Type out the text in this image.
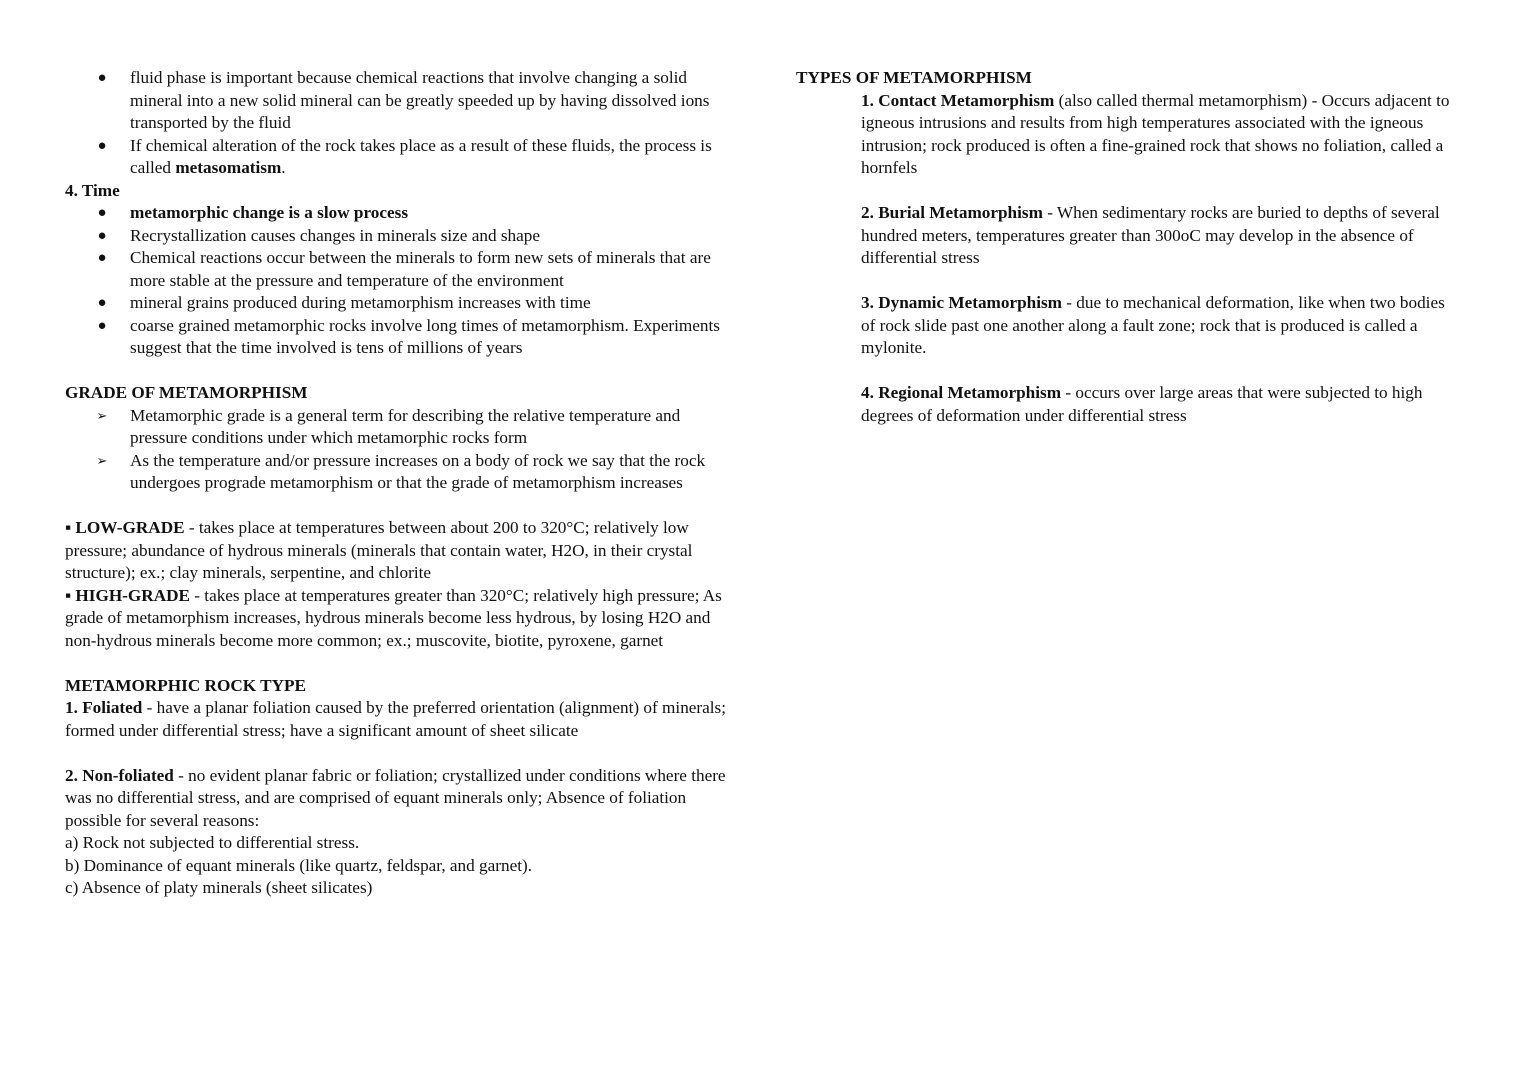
● fluid phase is important because chemical reactions that involve changing a solid mineral into a new solid mineral can be greatly speeded up by having dissolved ions transported by the fluid
● If chemical alteration of the rock takes place as a result of these fluids, the process is called metasomatism.

4. Time

● metamorphic change is a slow process
● Recrystallization causes changes in minerals size and shape
● Chemical reactions occur between the minerals to form new sets of minerals that are more stable at the pressure and temperature of the environment
● mineral grains produced during metamorphism increases with time
● coarse grained metamorphic rocks involve long times of metamorphism. Experiments suggest that the time involved is tens of millions of years

GRADE OF METAMORPHISM

➢ Metamorphic grade is a general term for describing the relative temperature and pressure conditions under which metamorphic rocks form
➢ As the temperature and/or pressure increases on a body of rock we say that the rock undergoes prograde metamorphism or that the grade of metamorphism increases

▪ LOW-GRADE - takes place at temperatures between about 200 to 320°C; relatively low pressure; abundance of hydrous minerals (minerals that contain water, H2O, in their crystal structure); ex.; clay minerals, serpentine, and chlorite

▪ HIGH-GRADE - takes place at temperatures greater than 320°C; relatively high pressure; As grade of metamorphism increases, hydrous minerals become less hydrous, by losing H2O and non-hydrous minerals become more common; ex.; muscovite, biotite, pyroxene, garnet

METAMORPHIC ROCK TYPE

1. Foliated - have a planar foliation caused by the preferred orientation (alignment) of minerals; formed under differential stress; have a significant amount of sheet silicate

2. Non-foliated - no evident planar fabric or foliation; crystallized under conditions where there was no differential stress, and are comprised of equant minerals only; Absence of foliation possible for several reasons:

a) Rock not subjected to differential stress.

b) Dominance of equant minerals (like quartz, feldspar, and garnet).

c) Absence of platy minerals (sheet silicates)

TYPES OF METAMORPHISM

1. Contact Metamorphism (also called thermal metamorphism) - Occurs adjacent to igneous intrusions and results from high temperatures associated with the igneous intrusion; rock produced is often a fine-grained rock that shows no foliation, called a hornfels

2. Burial Metamorphism - When sedimentary rocks are buried to depths of several hundred meters, temperatures greater than 300oC may develop in the absence of differential stress

3. Dynamic Metamorphism - due to mechanical deformation, like when two bodies of rock slide past one another along a fault zone; rock that is produced is called a mylonite.

4. Regional Metamorphism - occurs over large areas that were subjected to high degrees of deformation under differential stress
